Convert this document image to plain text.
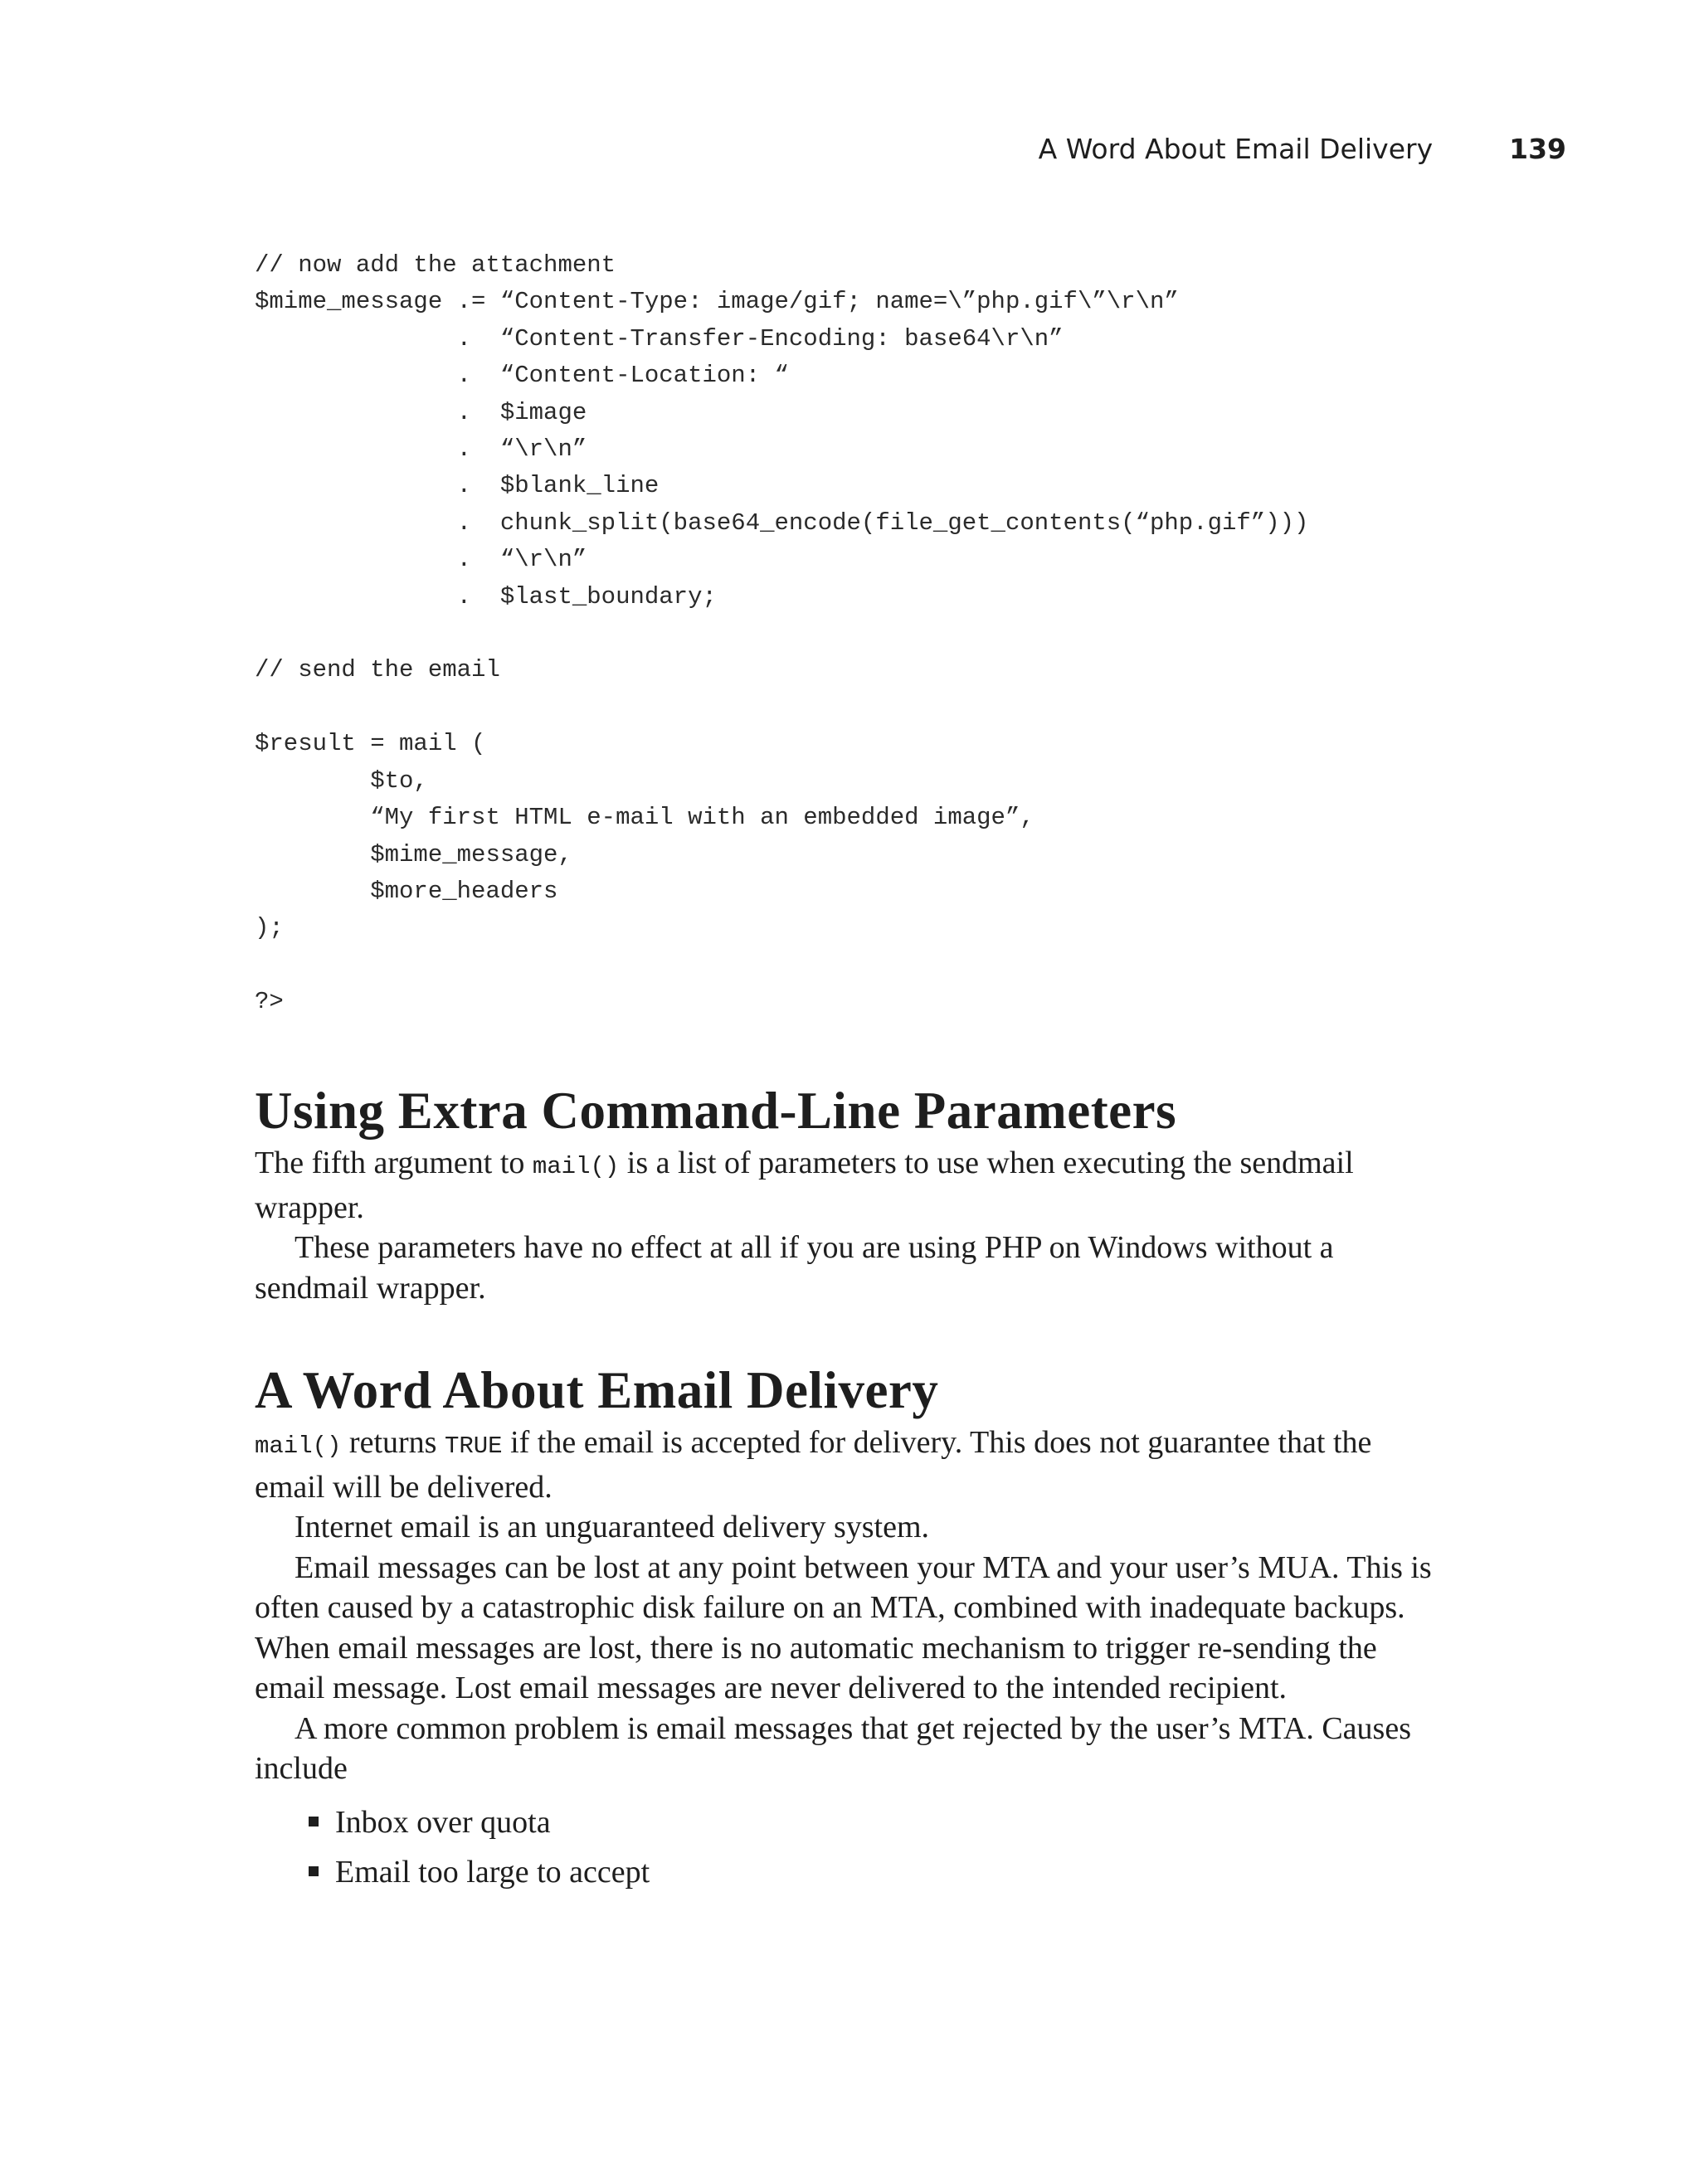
A Word About Email Delivery	139
// now add the attachment
$mime_message .= “Content-Type: image/gif; name=\”php.gif\”\r\n”
.  “Content-Transfer-Encoding: base64\r\n”
.  “Content-Location: “
.  $image
.  “\r\n”
.  $blank_line
.  chunk_split(base64_encode(file_get_contents(“php.gif”)))
.  “\r\n”
.  $last_boundary;

// send the email

$result = mail (
$to,
“My first HTML e-mail with an embedded image”,
$mime_message,
$more_headers
);

?>
Using Extra Command-Line Parameters

The fifth argument to mail() is a list of parameters to use when executing the sendmail wrapper.

These parameters have no effect at all if you are using PHP on Windows without a sendmail wrapper.

A Word About Email Delivery

mail() returns TRUE if the email is accepted for delivery. This does not guarantee that the email will be delivered.

Internet email is an unguaranteed delivery system.

Email messages can be lost at any point between your MTA and your user’s MUA. This is often caused by a catastrophic disk failure on an MTA, combined with inadequate backups. When email messages are lost, there is no automatic mechanism to trigger re-sending the email message. Lost email messages are never delivered to the intended recipient.

A more common problem is email messages that get rejected by the user’s MTA. Causes include

Inbox over quota
Email too large to accept
